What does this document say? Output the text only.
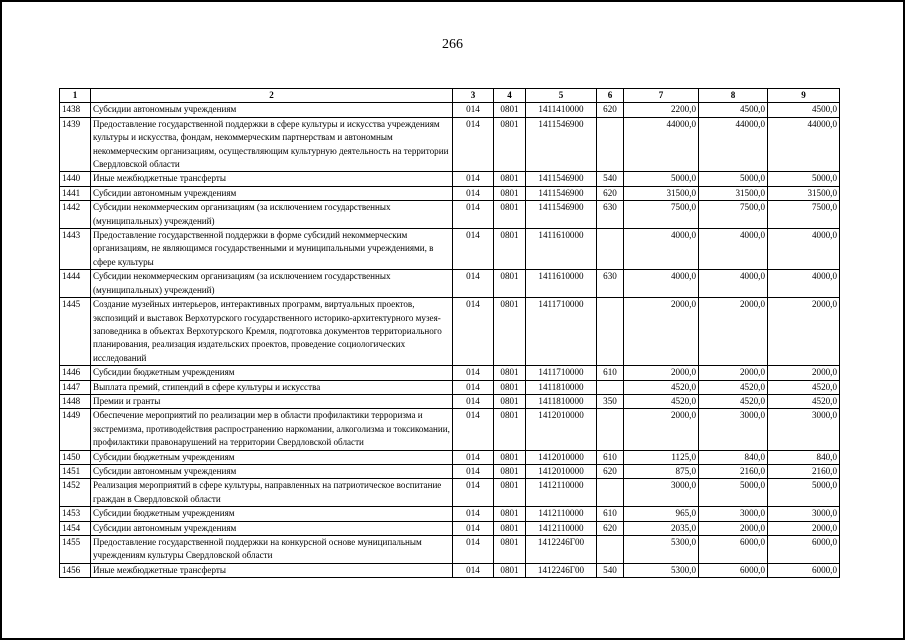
266
1	2	3	4	5	6	7	8	9
1438	Субсидии автономным учреждениям	014	0801	1411410000	620	2200,0	4500,0	4500,0
1439	Предоставление государственной поддержки в сфере культуры и искусства учреждениям культуры и искусства, фондам, некоммерческим партнерствам и автономным некоммерческим организациям, осуществляющим культурную деятельность на территории Свердловской области	014	0801	1411546900		44000,0	44000,0	44000,0
1440	Иные межбюджетные трансферты	014	0801	1411546900	540	5000,0	5000,0	5000,0
1441	Субсидии автономным учреждениям	014	0801	1411546900	620	31500,0	31500,0	31500,0
1442	Субсидии некоммерческим организациям (за исключением государственных (муниципальных) учреждений)	014	0801	1411546900	630	7500,0	7500,0	7500,0
1443	Предоставление государственной поддержки в форме субсидий некоммерческим организациям, не являющимся государственными и муниципальными учреждениями, в сфере культуры	014	0801	1411610000		4000,0	4000,0	4000,0
1444	Субсидии некоммерческим организациям (за исключением государственных (муниципальных) учреждений)	014	0801	1411610000	630	4000,0	4000,0	4000,0
1445	Создание музейных интерьеров, интерактивных программ, виртуальных проектов, экспозиций и выставок Верхотурского государственного историко-архитектурного музея-заповедника в объектах Верхотурского Кремля, подготовка документов территориального планирования, реализация издательских проектов, проведение социологических исследований	014	0801	1411710000		2000,0	2000,0	2000,0
1446	Субсидии бюджетным учреждениям	014	0801	1411710000	610	2000,0	2000,0	2000,0
1447	Выплата премий, стипендий в сфере культуры и искусства	014	0801	1411810000		4520,0	4520,0	4520,0
1448	Премии и гранты	014	0801	1411810000	350	4520,0	4520,0	4520,0
1449	Обеспечение мероприятий по реализации мер в области профилактики терроризма и экстремизма, противодействия распространению наркомании, алкоголизма и токсикомании, профилактики правонарушений на территории Свердловской области	014	0801	1412010000		2000,0	3000,0	3000,0
1450	Субсидии бюджетным учреждениям	014	0801	1412010000	610	1125,0	840,0	840,0
1451	Субсидии автономным учреждениям	014	0801	1412010000	620	875,0	2160,0	2160,0
1452	Реализация мероприятий в сфере культуры, направленных на патриотическое воспитание граждан в Свердловской области	014	0801	1412110000		3000,0	5000,0	5000,0
1453	Субсидии бюджетным учреждениям	014	0801	1412110000	610	965,0	3000,0	3000,0
1454	Субсидии автономным учреждениям	014	0801	1412110000	620	2035,0	2000,0	2000,0
1455	Предоставление государственной поддержки на конкурсной основе муниципальным учреждениям культуры Свердловской области	014	0801	1412246Г00		5300,0	6000,0	6000,0
1456	Иные межбюджетные трансферты	014	0801	1412246Г00	540	5300,0	6000,0	6000,0
